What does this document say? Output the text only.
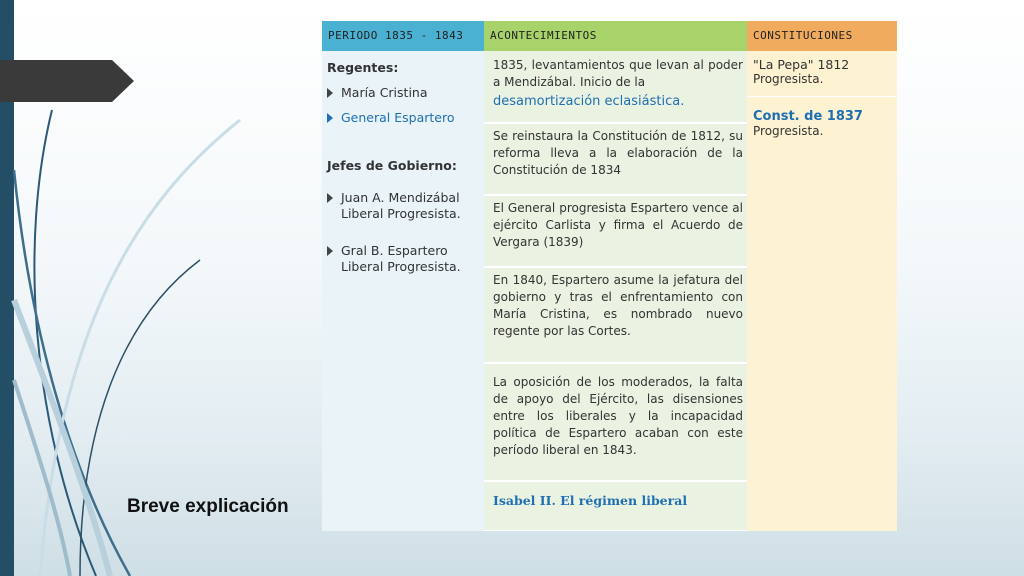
Breve explicación
PERIODO 1835 - 1843
Regentes:
María Cristina
General Espartero
Jefes de Gobierno:
Juan A. Mendizábal
Liberal Progresista.
Gral B. Espartero
Liberal Progresista.
ACONTECIMIENTOS
1835, levantamientos que levan al poder a Mendizábal. Inicio de la
desamortización eclasiástica.
Se reinstaura la Constitución de 1812, su reforma lleva a la elaboración de la Constitución de 1834
El General progresista Espartero vence al ejército Carlista y firma el Acuerdo de Vergara (1839)
En 1840, Espartero asume la jefatura del gobierno y tras el enfrentamiento con María Cristina, es nombrado nuevo regente por las Cortes.
La oposición de los moderados, la falta de apoyo del Ejército, las disensiones entre los liberales y la incapacidad política de Espartero acaban con este período liberal en 1843.
Isabel II. El régimen liberal
CONSTITUCIONES
"La Pepa" 1812
Progresista.
Const. de 1837
Progresista.
